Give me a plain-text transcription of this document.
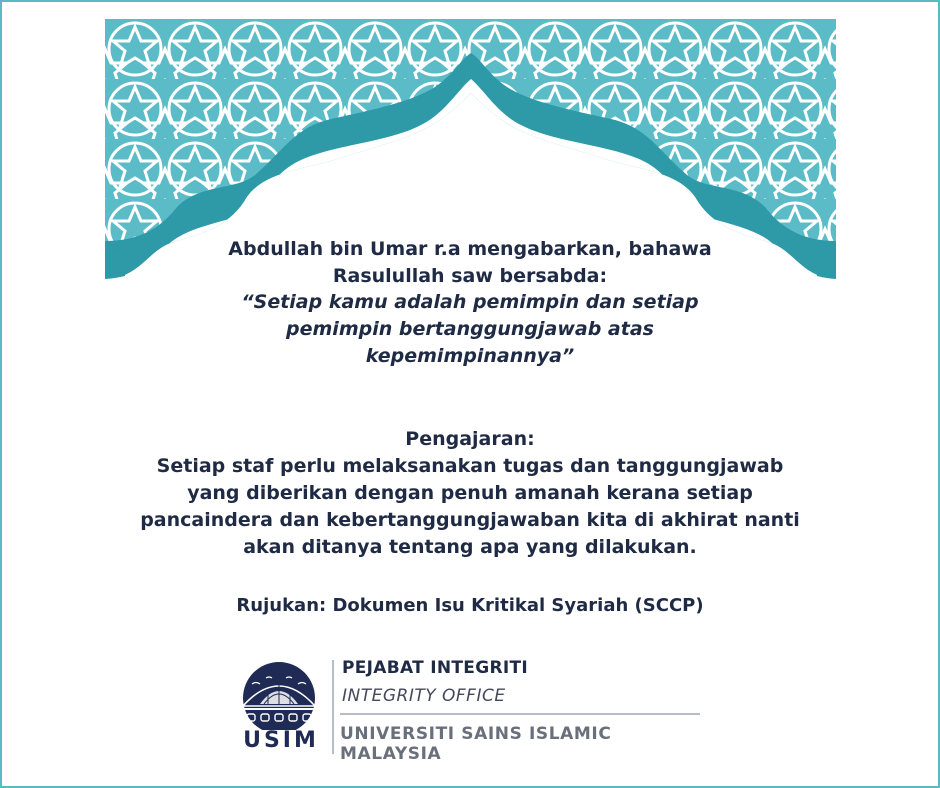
Abdullah bin Umar r.a mengabarkan, bahawa
Rasulullah saw bersabda:
“Setiap kamu adalah pemimpin dan setiap
pemimpin bertanggungjawab atas
kepemimpinannya”
Pengajaran:
Setiap staf perlu melaksanakan tugas dan tanggungjawab
yang diberikan dengan penuh amanah kerana setiap
pancaindera dan kebertanggungjawaban kita di akhirat nanti
akan ditanya tentang apa yang dilakukan.
Rujukan: Dokumen Isu Kritikal Syariah (SCCP)
USIM
PEJABAT INTEGRITI
INTEGRITY OFFICE
UNIVERSITI SAINS ISLAMIC MALAYSIA
